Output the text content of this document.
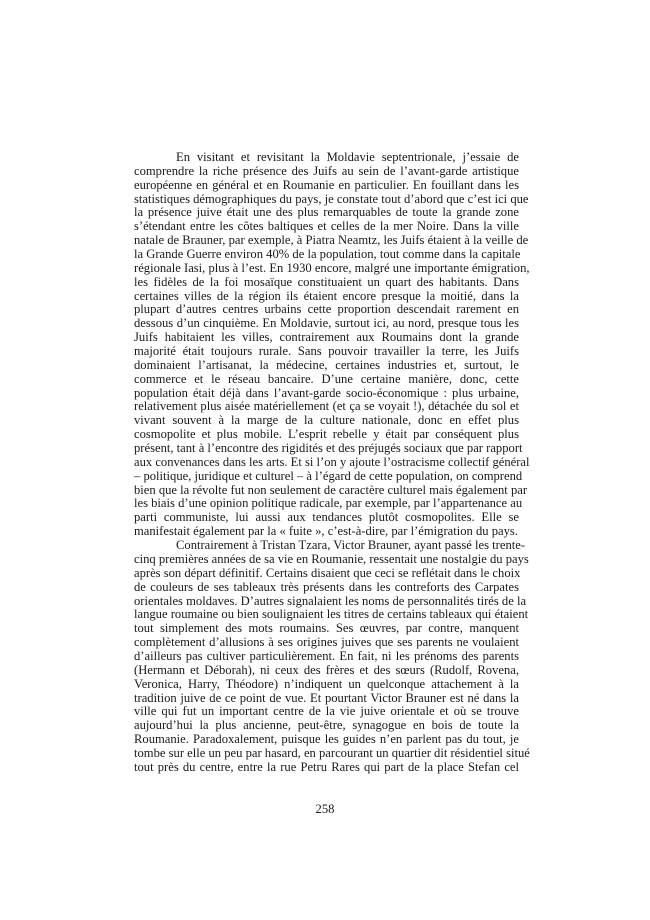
En visitant et revisitant la Moldavie septentrionale, j’essaie de
comprendre la riche présence des Juifs au sein de l’avant-garde artistique
européenne en général et en Roumanie en particulier. En fouillant dans les
statistiques démographiques du pays, je constate tout d’abord que c’est ici que
la présence juive était une des plus remarquables de toute la grande zone
s’étendant entre les côtes baltiques et celles de la mer Noire. Dans la ville
natale de Brauner, par exemple, à Piatra Neamtz, les Juifs étaient à la veille de
la Grande Guerre environ 40% de la population, tout comme dans la capitale
régionale Iasi, plus à l’est. En 1930 encore, malgré une importante émigration,
les fidèles de la foi mosaïque constituaient un quart des habitants. Dans
certaines villes de la région ils étaient encore presque la moitié, dans la
plupart d’autres centres urbains cette proportion descendait rarement en
dessous d’un cinquième. En Moldavie, surtout ici, au nord, presque tous les
Juifs habitaient les villes, contrairement aux Roumains dont la grande
majorité était toujours rurale. Sans pouvoir travailler la terre, les Juifs
dominaient l’artisanat, la médecine, certaines industries et, surtout, le
commerce et le réseau bancaire. D’une certaine manière, donc, cette
population était déjà dans l’avant-garde socio-économique : plus urbaine,
relativement plus aisée matériellement (et ça se voyait !), détachée du sol et
vivant souvent à la marge de la culture nationale, donc en effet plus
cosmopolite et plus mobile. L’esprit rebelle y était par conséquent plus
présent, tant à l’encontre des rigidités et des préjugés sociaux que par rapport
aux convenances dans les arts. Et si l’on y ajoute l’ostracisme collectif général
– politique, juridique et culturel – à l’égard de cette population, on comprend
bien que la révolte fut non seulement de caractère culturel mais également par
les biais d’une opinion politique radicale, par exemple, par l’appartenance au
parti communiste, lui aussi aux tendances plutôt cosmopolites. Elle se
manifestait également par la « fuite », c’est-à-dire, par l’émigration du pays.
Contrairement à Tristan Tzara, Victor Brauner, ayant passé les trente-
cinq premières années de sa vie en Roumanie, ressentait une nostalgie du pays
après son départ définitif. Certains disaient que ceci se reflétait dans le choix
de couleurs de ses tableaux très présents dans les contreforts des Carpates
orientales moldaves. D’autres signalaient les noms de personnalités tirés de la
langue roumaine ou bien soulignaient les titres de certains tableaux qui étaient
tout simplement des mots roumains. Ses œuvres, par contre, manquent
complètement d’allusions à ses origines juives que ses parents ne voulaient
d’ailleurs pas cultiver particulièrement. En fait, ni les prénoms des parents
(Hermann et Déborah), ni ceux des frères et des sœurs (Rudolf, Rovena,
Veronica, Harry, Théodore) n’indiquent un quelconque attachement à la
tradition juive de ce point de vue. Et pourtant Victor Brauner est né dans la
ville qui fut un important centre de la vie juive orientale et où se trouve
aujourd’hui la plus ancienne, peut-être, synagogue en bois de toute la
Roumanie. Paradoxalement, puisque les guides n’en parlent pas du tout, je
tombe sur elle un peu par hasard, en parcourant un quartier dit résidentiel situé
tout près du centre, entre la rue Petru Rares qui part de la place Stefan cel
258
